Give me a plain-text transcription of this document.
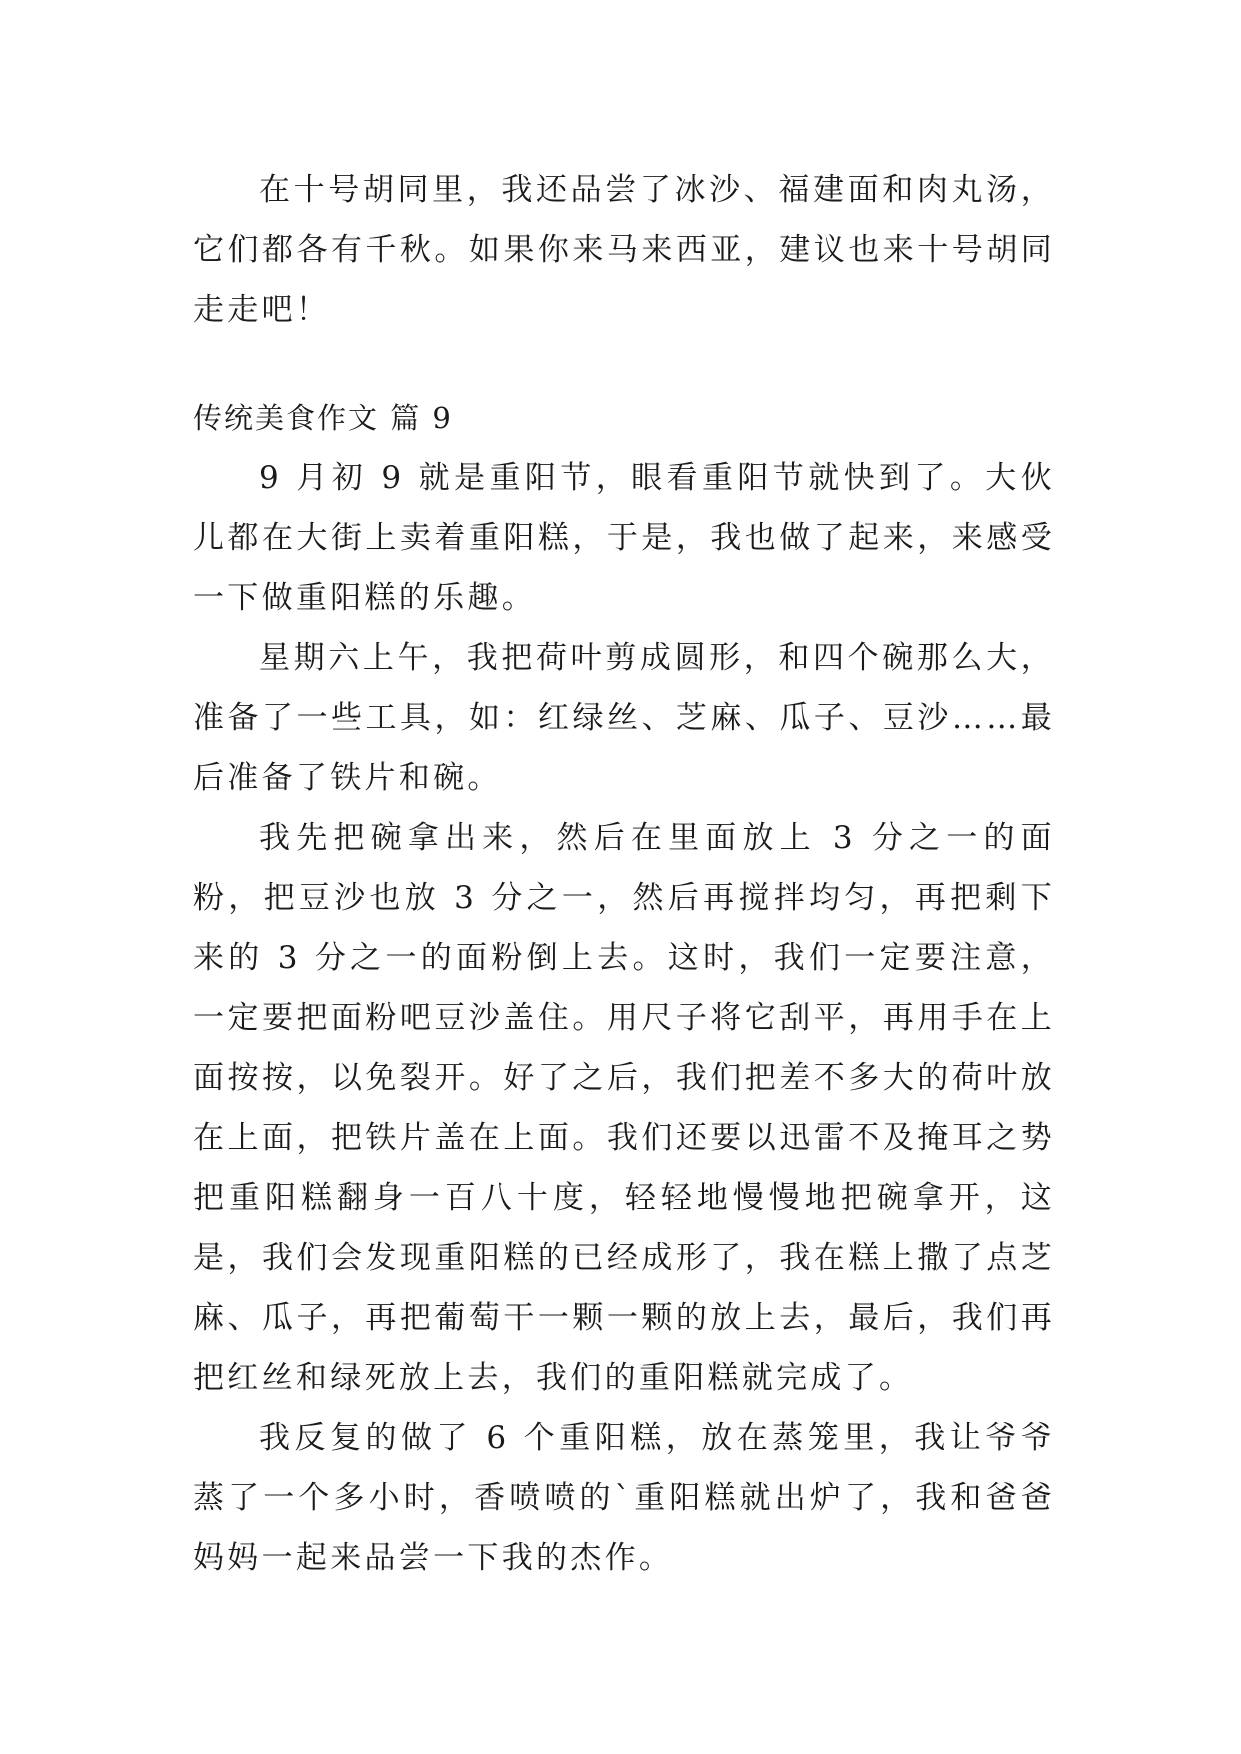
在十号胡同里，我还品尝了冰沙、福建面和肉丸汤，它们都各有千秋。如果你来马来西亚，建议也来十号胡同走走吧！

传统美食作文 篇 9

9 月初 9 就是重阳节，眼看重阳节就快到了。大伙儿都在大街上卖着重阳糕，于是，我也做了起来，来感受一下做重阳糕的乐趣。

星期六上午，我把荷叶剪成圆形，和四个碗那么大，准备了一些工具，如：红绿丝、芝麻、瓜子、豆沙……最后准备了铁片和碗。

我先把碗拿出来，然后在里面放上 3 分之一的面粉，把豆沙也放 3 分之一，然后再搅拌均匀，再把剩下来的 3 分之一的面粉倒上去。这时，我们一定要注意，一定要把面粉吧豆沙盖住。用尺子将它刮平，再用手在上面按按，以免裂开。好了之后，我们把差不多大的荷叶放在上面，把铁片盖在上面。我们还要以迅雷不及掩耳之势把重阳糕翻身一百八十度，轻轻地慢慢地把碗拿开，这是，我们会发现重阳糕的已经成形了，我在糕上撒了点芝麻、瓜子，再把葡萄干一颗一颗的放上去，最后，我们再把红丝和绿死放上去，我们的重阳糕就完成了。

我反复的做了 6 个重阳糕，放在蒸笼里，我让爷爷蒸了一个多小时，香喷喷的`重阳糕就出炉了，我和爸爸妈妈一起来品尝一下我的杰作。
